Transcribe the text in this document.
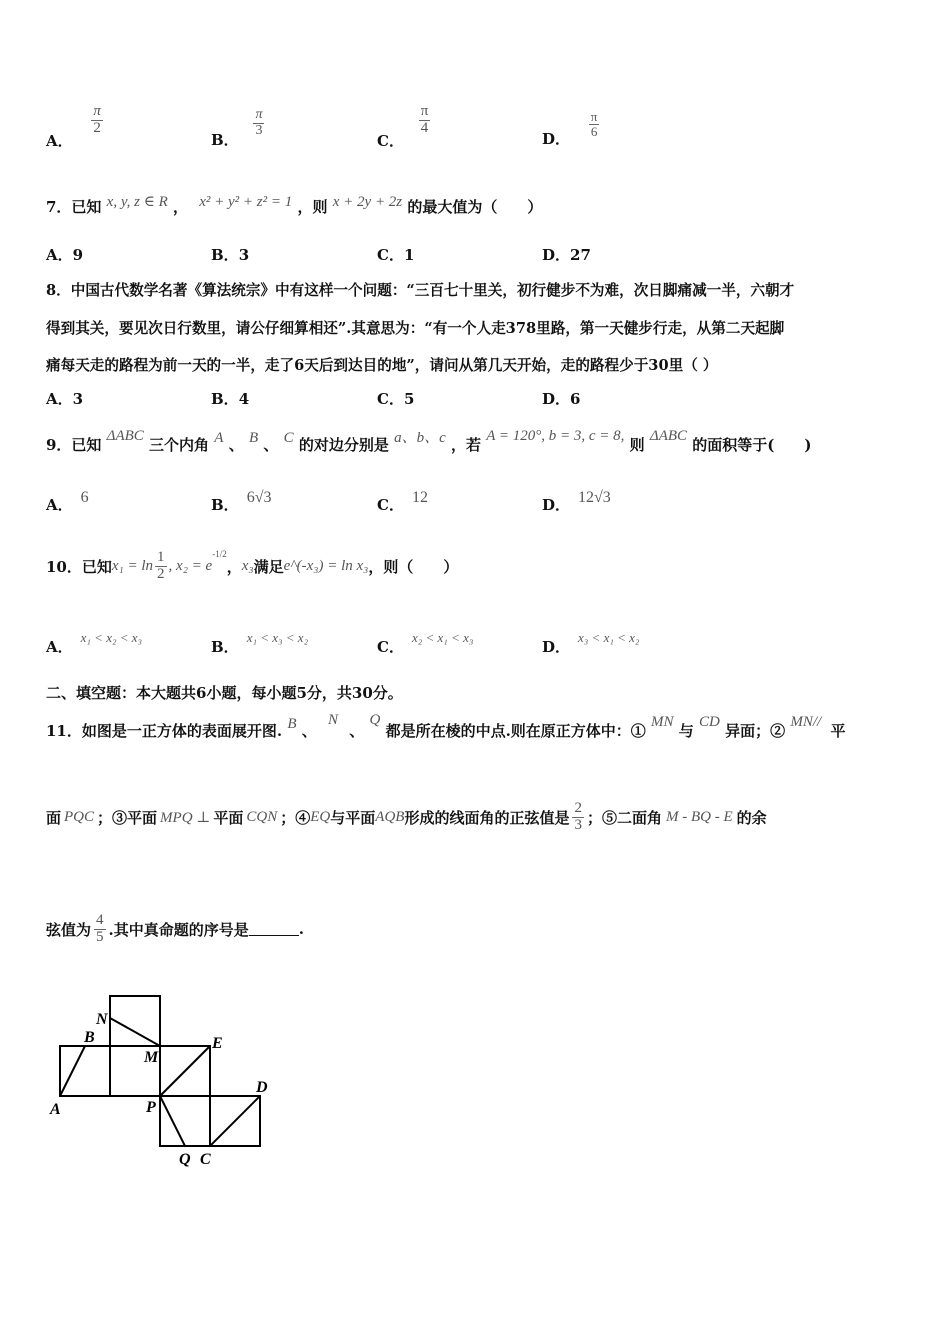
A．
$\frac{\pi}{2}$
B．
$\frac{\pi}{3}$
C．
$\frac{\pi}{4}$
D．
$\frac{\pi}{6}$
7．已知 x, y, z ∈ R ， x² + y² + z² = 1 ，则 x + 2y + 2z 的最大值为（　　）
A．9	B．3	C．1	D．27
8．中国古代数学名著《算法统宗》中有这样一个问题：“三百七十里关，初行健步不为难，次日脚痛减一半，六朝才
得到其关，要见次日行数里，请公仔细算相还”.其意思为：“有一个人走378里路，第一天健步行走，从第二天起脚
痛每天走的路程为前一天的一半，走了6天后到达目的地”，请问从第几天开始，走的路程少于30里（ ）
A．3	B．4	C．5	D．6
9．已知 ΔABC 三个内角 A 、 B 、 C 的对边分别是 a、b、c ，若 A = 120°, b = 3, c = 8, 则 ΔABC 的面积等于(　　)
A． 6	B． 6√3	C． 12	D． 12√3
10．已知 $x_1 = \ln \frac{1}{2}$ , x₂ = e
-1/2
， x₃ 满足 e^(-x₃) = ln x₃ ，则（　　）
A．x₁ < x₂ < x₃
B．x₁ < x₃ < x₂
C．x₂ < x₁ < x₃
D．x₃ < x₁ < x₂
二、填空题：本大题共6小题，每小题5分，共30分。
11．如图是一正方体的表面展开图. B 、 N 、 Q 都是所在棱的中点.则在原正方体中：① MN 与 CD 异面；② MN// 平
面 PQC ；③平面 MPQ ⊥ 平面 CQN ；④ EQ 与平面 AQB 形成的线面角的正弦值是 $\frac{2}{3}$ ；⑤二面角 M - BQ - E 的余
弦值为 $\frac{4}{5}$ .其中真命题的序号是	.
N
B
M
E
D
A	P
Q C
